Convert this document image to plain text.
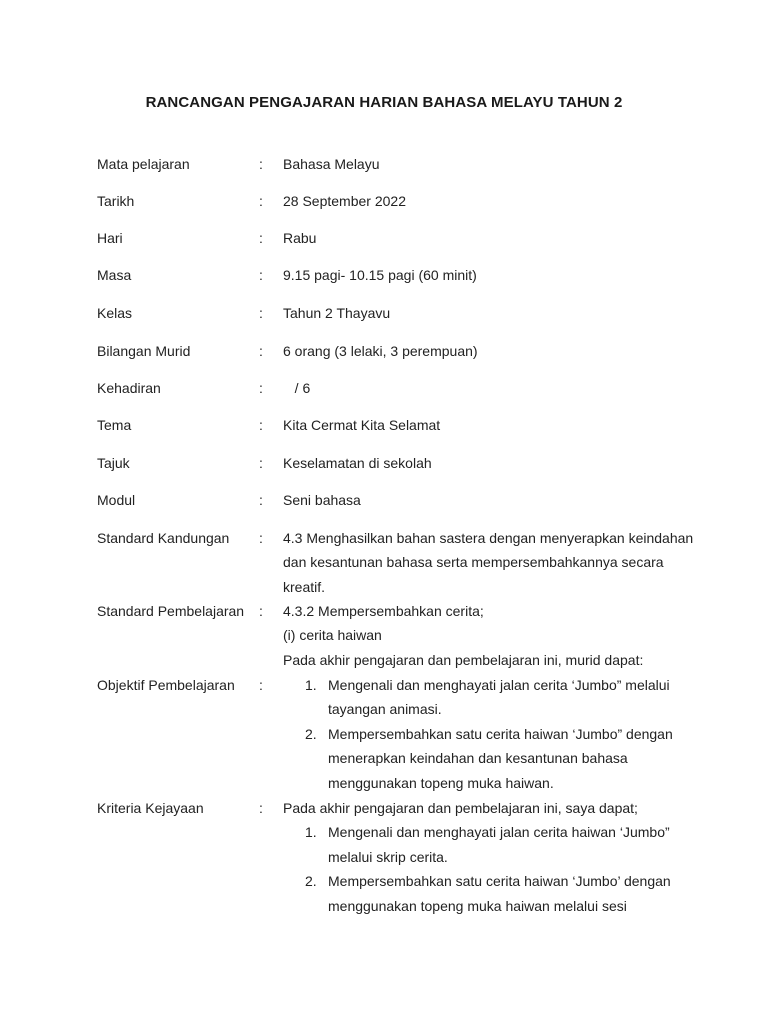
RANCANGAN PENGAJARAN HARIAN BAHASA MELAYU TAHUN 2
Mata pelajaran	: Bahasa Melayu
Tarikh	: 28 September 2022
Hari	: Rabu
Masa	: 9.15 pagi- 10.15 pagi (60 minit)
Kelas	: Tahun 2 Thayavu
Bilangan Murid	: 6 orang (3 lelaki, 3 perempuan)
Kehadiran	: / 6
Tema	: Kita Cermat Kita Selamat
Tajuk	: Keselamatan di sekolah
Modul	: Seni bahasa
Standard Kandungan : 4.3 Menghasilkan bahan sastera dengan menyerapkan keindahan
dan kesantunan bahasa serta mempersembahkannya secara
kreatif.
Standard Pembelajaran : 4.3.2 Mempersembahkan cerita;
(i) cerita haiwan
Pada akhir pengajaran dan pembelajaran ini, murid dapat:
Objektif Pembelajaran :	1. Mengenali dan menghayati jalan cerita ‘Jumbo” melalui
tayangan animasi.
2. Mempersembahkan satu cerita haiwan ‘Jumbo” dengan
menerapkan keindahan dan kesantunan bahasa
menggunakan topeng muka haiwan.
Kriteria Kejayaan	: Pada akhir pengajaran dan pembelajaran ini, saya dapat;
1. Mengenali dan menghayati jalan cerita haiwan ‘Jumbo”
melalui skrip cerita.
2. Mempersembahkan satu cerita haiwan ‘Jumbo’ dengan
menggunakan topeng muka haiwan melalui sesi
